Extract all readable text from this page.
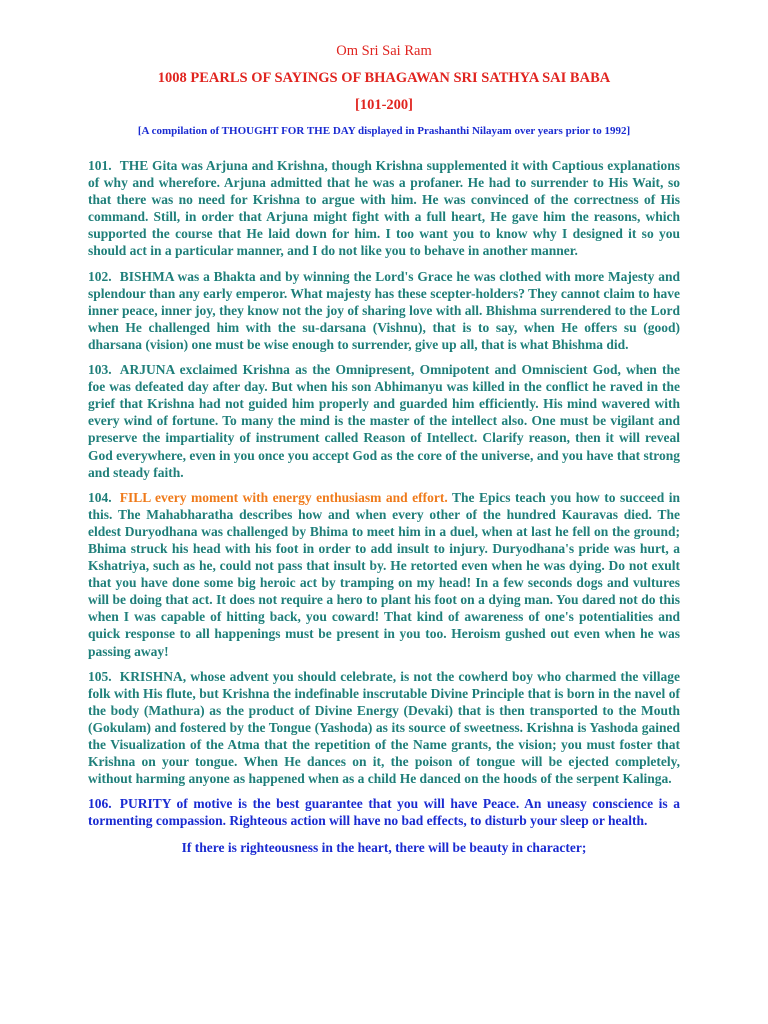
Om Sri Sai Ram
1008 PEARLS OF SAYINGS OF BHAGAWAN SRI SATHYA SAI BABA
[101-200]
[A compilation of THOUGHT FOR THE DAY displayed in Prashanthi Nilayam over years prior to 1992]

101. THE Gita was Arjuna and Krishna, though Krishna supplemented it with Captious explanations of why and wherefore. Arjuna admitted that he was a profaner. He had to surrender to His Wait, so that there was no need for Krishna to argue with him. He was convinced of the correctness of His command. Still, in order that Arjuna might fight with a full heart, He gave him the reasons, which supported the course that He laid down for him. I too want you to know why I designed it so you should act in a particular manner, and I do not like you to behave in another manner.

102. BISHMA was a Bhakta and by winning the Lord's Grace he was clothed with more Majesty and splendour than any early emperor. What majesty has these scepter-holders? They cannot claim to have inner peace, inner joy, they know not the joy of sharing love with all. Bhishma surrendered to the Lord when He challenged him with the su-darsana (Vishnu), that is to say, when He offers su (good) dharsana (vision) one must be wise enough to surrender, give up all, that is what Bhishma did.

103. ARJUNA exclaimed Krishna as the Omnipresent, Omnipotent and Omniscient God, when the foe was defeated day after day. But when his son Abhimanyu was killed in the conflict he raved in the grief that Krishna had not guided him properly and guarded him efficiently. His mind wavered with every wind of fortune. To many the mind is the master of the intellect also. One must be vigilant and preserve the impartiality of instrument called Reason of Intellect. Clarify reason, then it will reveal God everywhere, even in you once you accept God as the core of the universe, and you have that strong and steady faith.

104. FILL every moment with energy enthusiasm and effort. The Epics teach you how to succeed in this. The Mahabharatha describes how and when every other of the hundred Kauravas died. The eldest Duryodhana was challenged by Bhima to meet him in a duel, when at last he fell on the ground; Bhima struck his head with his foot in order to add insult to injury. Duryodhana's pride was hurt, a Kshatriya, such as he, could not pass that insult by. He retorted even when he was dying. Do not exult that you have done some big heroic act by tramping on my head! In a few seconds dogs and vultures will be doing that act. It does not require a hero to plant his foot on a dying man. You dared not do this when I was capable of hitting back, you coward! That kind of awareness of one's potentialities and quick response to all happenings must be present in you too. Heroism gushed out even when he was passing away!

105. KRISHNA, whose advent you should celebrate, is not the cowherd boy who charmed the village folk with His flute, but Krishna the indefinable inscrutable Divine Principle that is born in the navel of the body (Mathura) as the product of Divine Energy (Devaki) that is then transported to the Mouth (Gokulam) and fostered by the Tongue (Yashoda) as its source of sweetness. Krishna is Yashoda gained the Visualization of the Atma that the repetition of the Name grants, the vision; you must foster that Krishna on your tongue. When He dances on it, the poison of tongue will be ejected completely, without harming anyone as happened when as a child He danced on the hoods of the serpent Kalinga.

106. PURITY of motive is the best guarantee that you will have Peace. An uneasy conscience is a tormenting compassion. Righteous action will have no bad effects, to disturb your sleep or health.

If there is righteousness in the heart, there will be beauty in character;
